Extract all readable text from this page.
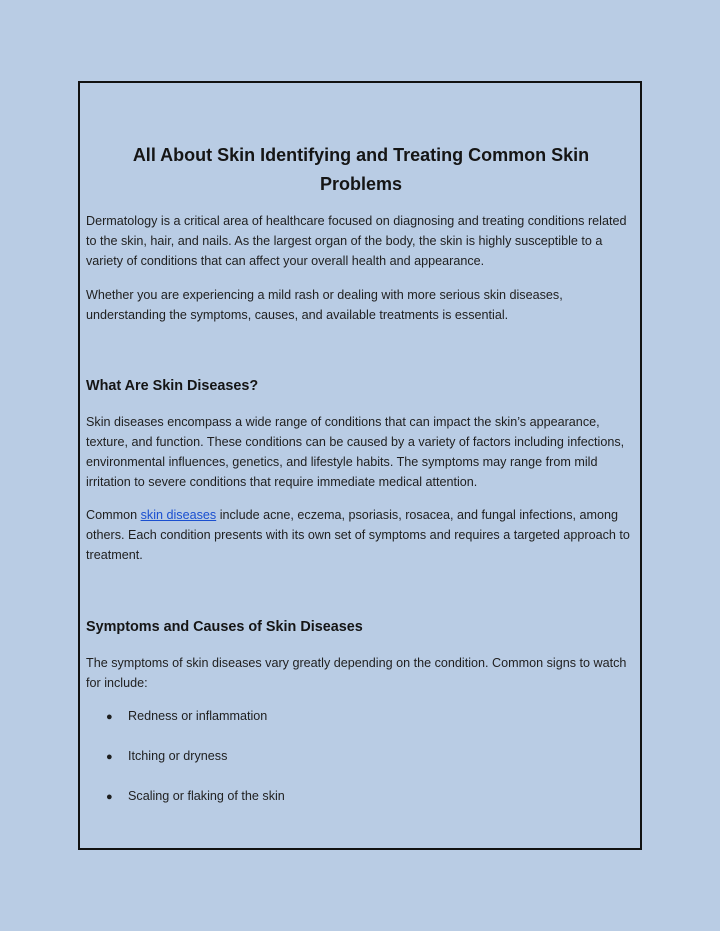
All About Skin Identifying and Treating Common Skin
Problems

Dermatology is a critical area of healthcare focused on diagnosing and treating conditions related to the skin, hair, and nails. As the largest organ of the body, the skin is highly susceptible to a variety of conditions that can affect your overall health and appearance.

Whether you are experiencing a mild rash or dealing with more serious skin diseases, understanding the symptoms, causes, and available treatments is essential.

What Are Skin Diseases?

Skin diseases encompass a wide range of conditions that can impact the skin’s appearance, texture, and function. These conditions can be caused by a variety of factors including infections, environmental influences, genetics, and lifestyle habits. The symptoms may range from mild irritation to severe conditions that require immediate medical attention.

Common skin diseases include acne, eczema, psoriasis, rosacea, and fungal infections, among others. Each condition presents with its own set of symptoms and requires a targeted approach to treatment.

Symptoms and Causes of Skin Diseases

The symptoms of skin diseases vary greatly depending on the condition. Common signs to watch for include:

● Redness or inflammation
● Itching or dryness
● Scaling or flaking of the skin
